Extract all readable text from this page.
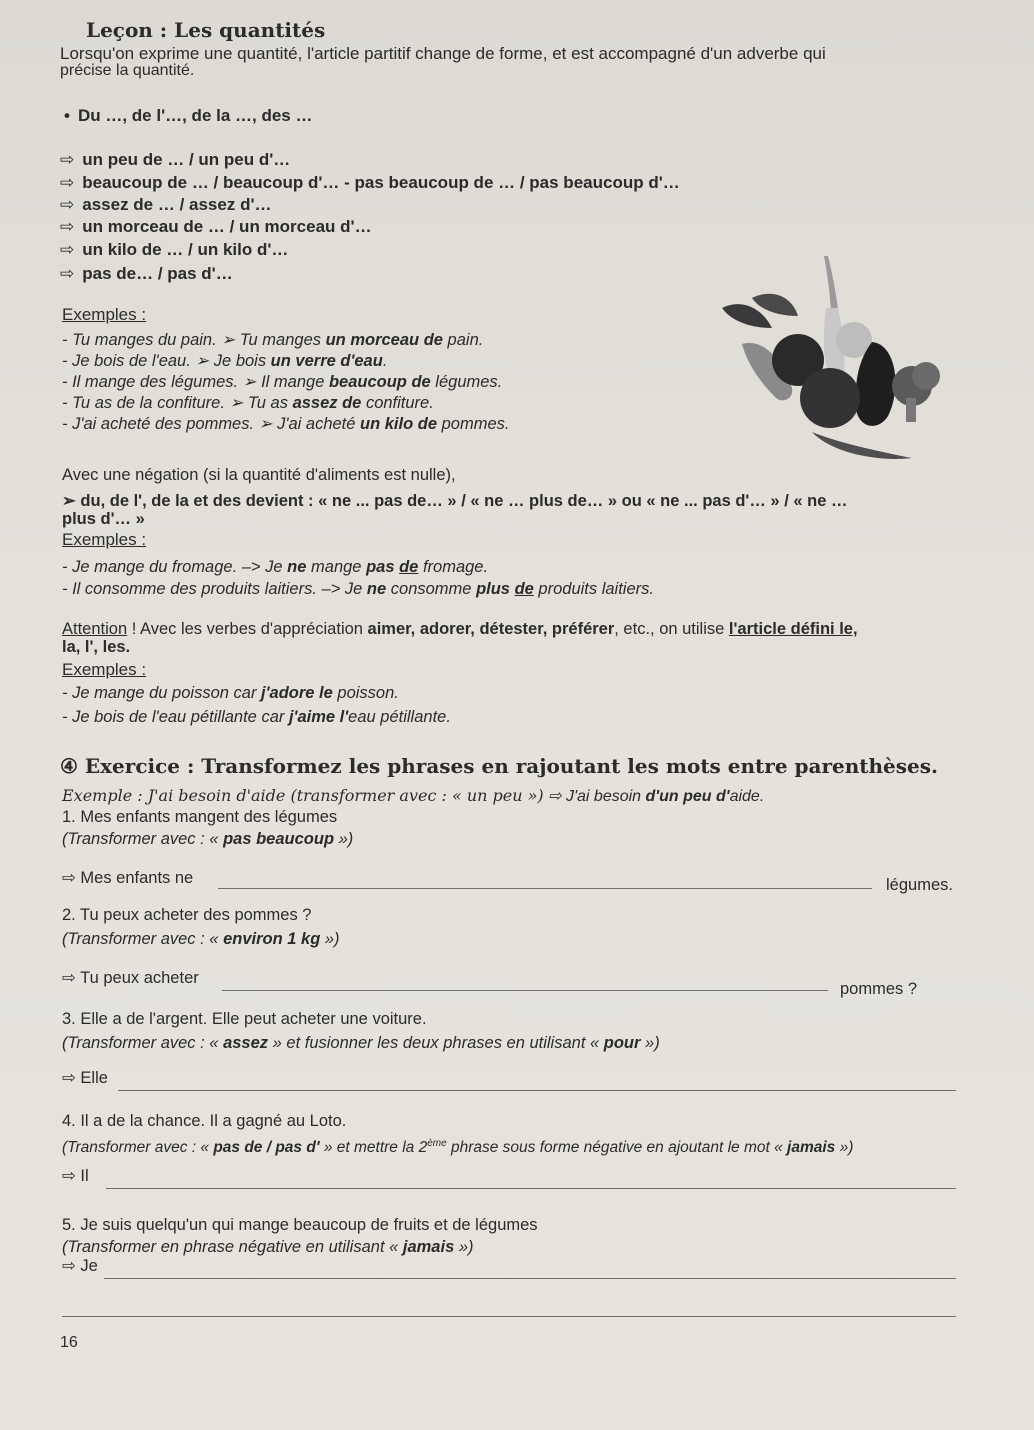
Leçon : Les quantités
Lorsqu'on exprime une quantité, l'article partitif change de forme, et est accompagné d'un adverbe qui
précise la quantité.
• Du …, de l'…, de la …, des …
⇨ un peu de … / un peu d'…
⇨ beaucoup de … / beaucoup d'… - pas beaucoup de … / pas beaucoup d'…
⇨ assez de … / assez d'…
⇨ un morceau de … / un morceau d'…
⇨ un kilo de … / un kilo d'…
⇨ pas de… / pas d'…
Exemples :
- Tu manges du pain. ➢ Tu manges un morceau de pain.
- Je bois de l'eau. ➢ Je bois un verre d'eau.
- Il mange des légumes. ➢ Il mange beaucoup de légumes.
- Tu as de la confiture. ➢ Tu as assez de confiture.
- J'ai acheté des pommes. ➢ J'ai acheté un kilo de pommes.
Avec une négation (si la quantité d'aliments est nulle),
➢ du, de l', de la et des devient : « ne ... pas de… » / « ne … plus de… » ou « ne ... pas d'… » / « ne …
plus d'… »
Exemples :
- Je mange du fromage. –> Je ne mange pas de fromage.
- Il consomme des produits laitiers. –> Je ne consomme plus de produits laitiers.
Attention ! Avec les verbes d'appréciation aimer, adorer, détester, préférer, etc., on utilise l'article défini le,
la, l', les.
Exemples :
- Je mange du poisson car j'adore le poisson.
- Je bois de l'eau pétillante car j'aime l'eau pétillante.
④ Exercice : Transformez les phrases en rajoutant les mots entre parenthèses.
Exemple : J'ai besoin d'aide (transformer avec : « un peu ») ⇨ J'ai besoin d'un peu d'aide.
1. Mes enfants mangent des légumes
(Transformer avec : « pas beaucoup »)
⇨ Mes enfants ne	légumes.
2. Tu peux acheter des pommes ?
(Transformer avec : « environ 1 kg »)
⇨ Tu peux acheter
pommes ?
3. Elle a de l'argent. Elle peut acheter une voiture.
(Transformer avec : « assez » et fusionner les deux phrases en utilisant « pour »)
⇨ Elle
4. Il a de la chance. Il a gagné au Loto.
(Transformer avec : « pas de / pas d' » et mettre la 2ème phrase sous forme négative en ajoutant le mot « jamais »)
⇨ Il
5. Je suis quelqu'un qui mange beaucoup de fruits et de légumes
(Transformer en phrase négative en utilisant « jamais »)
⇨ Je
16
